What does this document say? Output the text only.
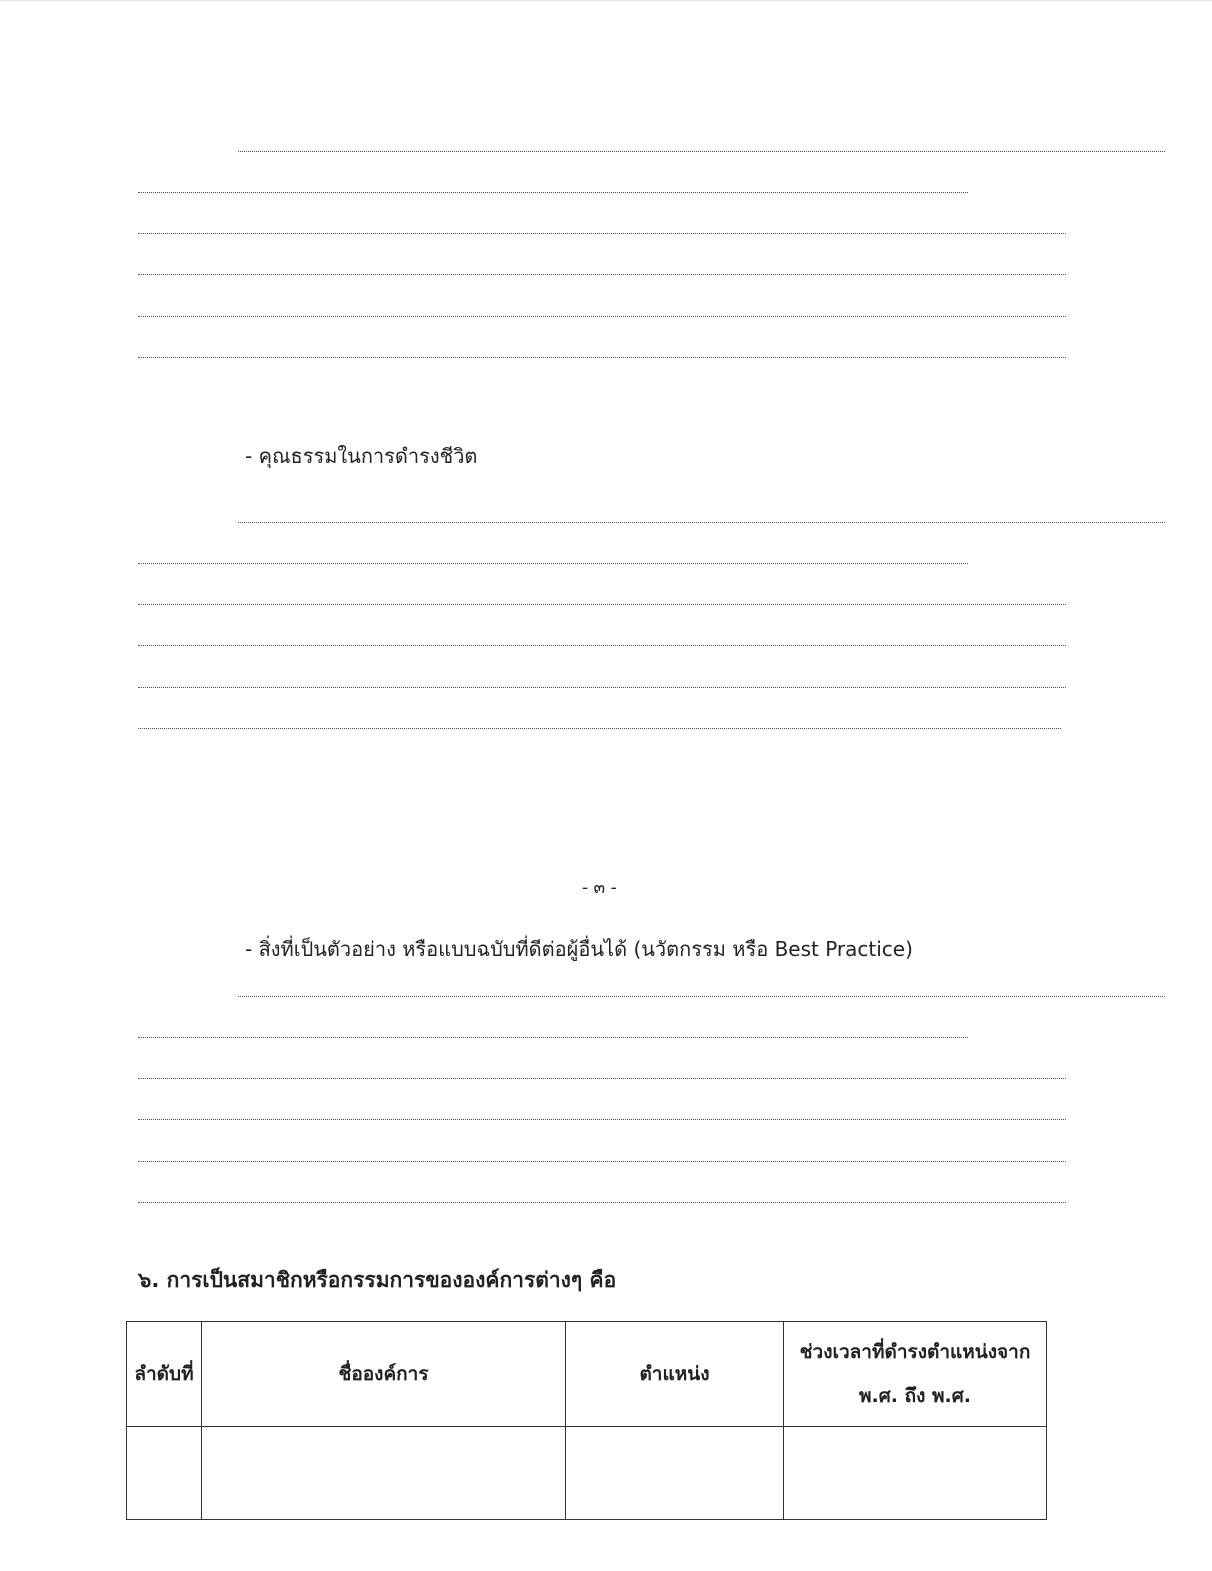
- คุณธรรมในการดำรงชีวิต
- ๓ -
- สิ่งที่เป็นตัวอย่าง หรือแบบฉบับที่ดีต่อผู้อื่นได้ (นวัตกรรม หรือ Best Practice)
๖. การเป็นสมาชิกหรือกรรมการขององค์การต่างๆ คือ
ลำดับที่	ชื่อองค์การ	ตำแหน่ง	ช่วงเวลาที่ดำรงตำแหน่งจาก พ.ศ. ถึง พ.ศ.
